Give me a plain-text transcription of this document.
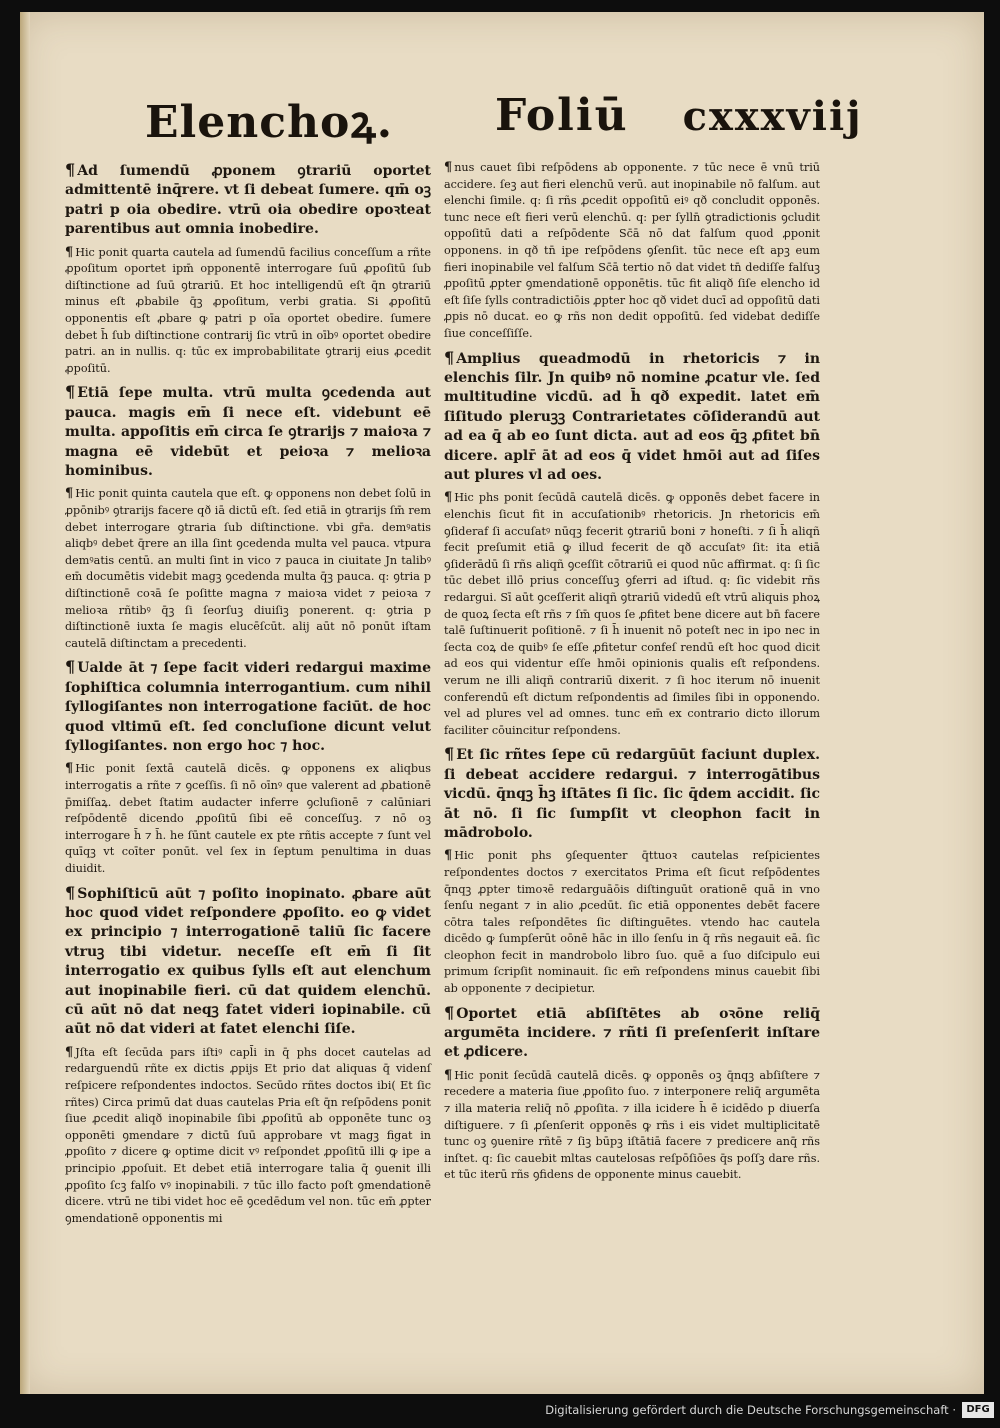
Elenchoꝝ. Foliū cxxxviij

¶ Ad ſumendū ꝓponem ꝯtrariū oportet admittentē inq̄rere. vt ſi debeat ſumere. qm̄ oꝫ patri p oia obedire. vtrū oia obedire opoꝛteat parentibus aut omnia inobedire.

¶ Hic ponit quarta cautela ad ſumendū facilius conceſſum a rñte ꝓpoſitum oportet ipm̄ opponentē interrogare ſuū ꝓpoſitū ſub diſtinctione ad ſuū ꝯtrariū. Et hoc intelligendū eſt q̄n ꝯtrariū minus eſt ꝓbabile q̄ꝫ ꝓpoſitum, verbi gratia. Si ꝓpoſitū opponentis eſt ꝓbare ꝙ patri p oīa oportet obedire. ſumere debet h̄ ſub diſtinctione contrarij ſic vtrū in oībꝰ oportet obedire patri. an in nullis. q: tūc ex improbabilitate ꝯtrarij eius ꝓcedit ꝓpoſitū.

¶ Etiā ſepe multa. vtrū multa ꝯcedenda aut pauca. magis em̄ ſi nece eſt. videbunt eē multa. appoſitis em̄ circa ſe ꝯtrarijs ⁊ maioꝛa ⁊ magna eē videbūt et peioꝛa ⁊ melioꝛa hominibus.

¶ Hic ponit quinta cautela que eſt. ꝙ opponens non debet ſolū in ꝓpōnibꝰ ꝯtrarijs facere qð iā dictū eſt. ſed etiā in ꝯtrarijs ſm̄ rem debet interrogare ꝯtraria ſub diſtinctione. vbi gr̄a. demꝰatis aliqbꝰ debet q̄rere an illa ſint ꝯcedenda multa vel pauca. vtpura demꝰatis centū. an multi ſint in vico ⁊ pauca in ciuitate Jn talibꝰ em̄ documētis videbit magꝫ ꝯcedenda multa q̄ꝫ pauca. q: ꝯtria p diſtinctionē coꝛā ſe poſitte magna ⁊ maioꝛa videt ⁊ peioꝛa ⁊ melioꝛa rñtibꝰ q̄ꝫ ſi ſeorſuꝫ diuiſiꝫ ponerent. q: ꝯtria p diſtinctionē iuxta ſe magis elucēſcūt. alij aūt nō ponūt iſtam cautelā diſtinctam a precedenti.

¶ Ualde āt ⁊ ſepe facit videri redargui maxime ſophiſtica columnia interrogantium. cum nihil ſyllogiſantes non interrogatione faciūt. de hoc quod vltimū eſt. ſed concluſione dicunt velut ſyllogiſantes. non ergo hoc ⁊ hoc.

¶ Hic ponit ſextā cautelā dicēs. ꝙ opponens ex aliqbus interrogatis a rñte ⁊ ꝯceſſis. ſi nō oīnꝰ que valerent ad ꝓbationē p̄miſſaꝝ. debet ſtatim audacter inferre ꝯcluſionē ⁊ calūniari reſpōdentē dicendo ꝓpoſitū ſibi eē conceſſuꝫ. ⁊ nō oꝫ interrogare h̄ ⁊ h̄. he ſūnt cautele ex pte rñtis accepte ⁊ ſunt vel quīqꝫ vt coīter ponūt. vel ſex in ſeptum penultima in duas diuidit.

¶ Sophiſticū aūt ⁊ poſito inopinato. ꝓbare aūt hoc quod videt reſpondere ꝓpoſito. eo ꝙ videt ex principio ⁊ interrogationē taliū ſic facere vtruꝫ tibi videtur. neceſſe eſt em̄ ſi ſit interrogatio ex quibus ſylls eſt aut elenchum aut inopinabile fieri. cū dat quidem elenchū. cū aūt nō dat neqꝫ fatet videri iopinabile. cū aūt nō dat videri at fatet elenchi ſiſe.

¶ Jſta eſt ſecūda pars iſtiꝰ capl̄i in q̄ phs docet cautelas ad redarguendū rñte ex dictis ꝓpijs Et prio dat aliquas q̄ videnſ reſpicere reſpondentes indoctos. Secūdo rñtes doctos ibi( Et ſic rñtes) Circa primū dat duas cautelas Pria eſt q̄n reſpōdens ponit ſiue ꝓcedit aliqð inopinabile ſibi ꝓpoſitū ab opponēte tunc oꝫ opponēti ꝯmendare ⁊ dictū ſuū approbare vt magꝫ figat in ꝓpoſito ⁊ dicere ꝙ optime dicit vꝰ reſpondet ꝓpoſitū illi ꝙ ipe a principio ꝓpoſuit. Et debet etiā interrogare talia q̄ ꝯuenit illi ꝓpoſito ſcꝫ falſo vꝰ inopinabili. ⁊ tūc illo facto poſt ꝯmendationē dicere. vtrū ne tibi videt hoc eē ꝯcedēdum vel non. tūc em̄ ꝓpter ꝯmendationē opponentis mi

¶ nus cauet ſibi reſpōdens ab opponente. ⁊ tūc nece ē vnū triū accidere. ſeꝫ aut fieri elenchū verū. aut inopinabile nō falſum. aut elenchi ſimile. q: ſi rñs ꝓcedit oppoſitū eiꝰ qð concludit opponēs. tunc nece eſt fieri verū elenchū. q: per ſylln̄ ꝯtradictionis ꝯcludit oppoſitū dati a reſpōdente Sc̄ā nō dat falſum quod ꝓponit opponens. in qð tn̄ ipe reſpōdens ꝯſenſit. tūc nece eſt apꝫ eum fieri inopinabile vel falſum Sc̄ā tertio nō dat videt tn̄ dediſſe falſuꝫ ꝓpoſitū ꝓpter ꝯmendationē opponētis. tūc fit aliqð ſiſe elencho id eſt ſiſe ſylls contradictiōis ꝓpter hoc qð videt ducī ad oppoſitū dati ꝓpis nō ducat. eo ꝙ rñs non dedit oppoſitū. ſed videbat dediſſe ſiue conceſſiſſe.

¶ Amplius queadmodū in rhetoricis ⁊ in elenchis ſilr. Jn quibꝰ nō nomine ꝓcatur vle. ſed multitudine vicdū. ad h̄ qð expedit. latet em̄ ſiſitudo pleruꝫꝫ Contrarietates cōſiderandū aut ad ea q̄ ab eo ſunt dicta. aut ad eos q̄ꝫ ꝓfitet bn̄ dicere. aplr̄ āt ad eos q̄ videt hmōi aut ad ſiſes aut plures vl ad oes.

¶ Hic phs ponit ſecūdā cautelā dicēs. ꝙ opponēs debet facere in elenchis ſicut fit in accuſationibꝰ rhetoricis. Jn rhetoricis em̄ ꝯſideraf ſi accuſatꝰ nūqꝫ fecerit ꝯtrariū boni ⁊ honeſti. ⁊ ſi h̄ aliqñ fecit preſumit etiā ꝙ illud fecerit de qð accuſatꝰ ſit: ita etiā ꝯſiderādū ſi rñs aliqñ ꝯceſſit cōtrariū ei quod nūc affirmat. q: ſi ſic tūc debet illō prius conceſſuꝫ ꝯferri ad iſtud. q: ſic videbit rñs redargui. Sī aūt ꝯceſſerit aliqñ ꝯtrariū videdū eſt vtrū aliquis phoꝝ de quoꝝ ſecta eſt rñs ⁊ ſm̄ quos ſe ꝓfitet bene dicere aut bn̄ facere talē ſuſtinuerit poſitionē. ⁊ ſi h̄ inuenit nō poteſt nec in ipo nec in ſecta coꝝ de quibꝰ ſe eſſe ꝓfitetur confeſ rendū eſt hoc quod dicit ad eos qui videntur eſſe hmōi opinionis qualis eſt reſpondens. verum ne illi aliqñ contrariū dixerit. ⁊ ſi hoc iterum nō inuenit conferendū eſt dictum reſpondentis ad ſimiles ſibi in opponendo. vel ad plures vel ad omnes. tunc em̄ ex contrario dicto illorum faciliter cōuincitur reſpondens.

¶ Et ſic rñtes ſepe cū redargūūt faciunt duplex. ſi debeat accidere redargui. ⁊ interrogātibus vicdū. q̄nqꝫ h̄ꝫ iſtātes ſi ſic. ſic q̄dem accidit. ſic āt nō. ſi ſic ſumpſit vt cleophon facit in mādrobolo.

¶ Hic ponit phs ꝯſequenter q̄ttuoꝛ cautelas reſpicientes reſpondentes doctos ⁊ exercitatos Prima eſt ſicut reſpōdentes q̄nqꝫ ꝓpter timoꝛē redarguāōis diſtinguūt orationē quā in vno ſenſu negant ⁊ in alio ꝓcedūt. ſic etiā opponentes debēt facere cōtra tales reſpondētes ſic diſtinguētes. vtendo hac cautela dicēdo ꝙ ſumpſerūt oōnē hāc in illo ſenſu in q̄ rñs negauit eā. ſic cleophon fecit in mandrobolo libro ſuo. quē a ſuo diſcipulo eui primum ſcripſit nominauit. ſic em̄ reſpondens minus cauebit ſibi ab opponente ⁊ decipietur.

¶ Oportet etiā abſiſtētes ab oꝛōne reliq̄ argumēta incidere. ⁊ rñti ſi preſenſerit inſtare et ꝓdicere.

¶ Hic ponit ſecūdā cautelā dicēs. ꝙ opponēs oꝫ q̄nqꝫ abſiſtere ⁊ recedere a materia ſiue ꝓpoſito ſuo. ⁊ interponere reliq̄ argumēta ⁊ illa materia reliq̄ nō ꝓpoſita. ⁊ illa icidere h̄ ē icidēdo p diuerſa diſtiguere. ⁊ ſi ꝓſenſerit opponēs ꝙ rñs i eis videt multiplicitatē tunc oꝫ ꝯuenire rñtē ⁊ ſiꝫ būpꝫ iſtātiā facere ⁊ predicere anq̄ rñs inſtet. q: ſic cauebit mltas cautelosas reſpōſiōes q̄s poſſꝫ dare rñs. et tūc iterū rñs ꝯfidens de opponente minus cauebit.

Digitalisierung gefördert durch die Deutsche Forschungsgemeinschaft ·	DFG
